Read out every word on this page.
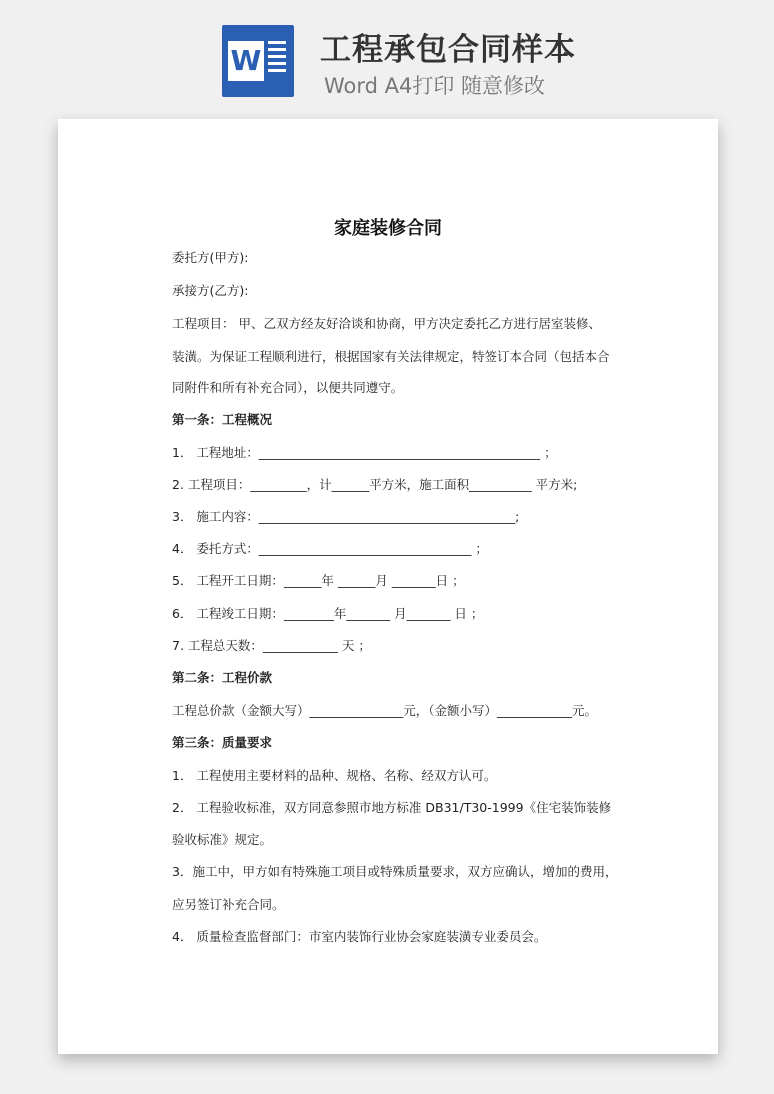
W 工程承包合同样本
Word A4打印 随意修改
家庭装修合同
委托方(甲方):
承接方(乙方):
工程项目： 甲、乙双方经友好洽谈和协商，甲方决定委托乙方进行居室装修、
装潢。为保证工程顺利进行，根据国家有关法律规定，特签订本合同（包括本合
同附件和所有补充合同），以便共同遵守。
第一条：工程概况
1． 工程地址：_____________________________________________ ；
2. 工程项目：_________，计______平方米，施工面积__________ 平方米;
3． 施工内容：_________________________________________;
4． 委托方式：__________________________________ ；
5． 工程开工日期：______年 ______月 _______日 ；
6． 工程竣工日期：________年_______ 月_______ 日 ；
7. 工程总天数：____________ 天 ；
第二条：工程价款
工程总价款（金额大写）_______________元，（金额小写）____________元。
第三条：质量要求
1． 工程使用主要材料的品种、规格、名称、经双方认可。
2． 工程验收标准，双方同意参照市地方标准 DB31/T30-1999《住宅装饰装修
验收标准》规定。
3．施工中，甲方如有特殊施工项目或特殊质量要求，双方应确认，增加的费用，
应另签订补充合同。
4． 质量检查监督部门：市室内装饰行业协会家庭装潢专业委员会。
